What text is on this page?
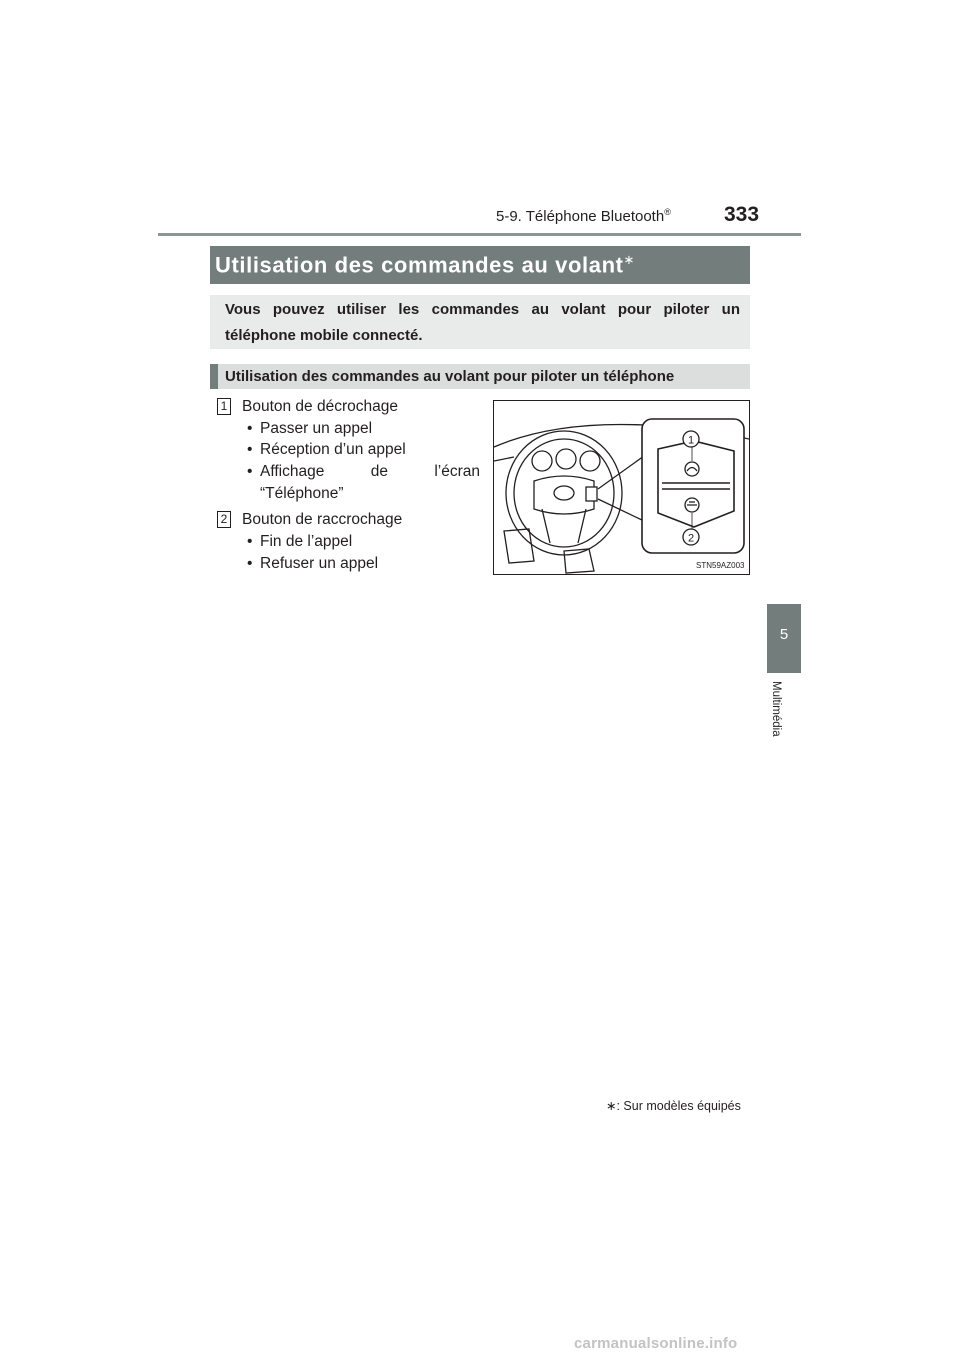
5-9. Téléphone Bluetooth®	333
Utilisation des commandes au volant∗
Vous pouvez utiliser les commandes au volant pour piloter un téléphone mobile connecté.
Utilisation des commandes au volant pour piloter un téléphone
1 Bouton de décrochage
• Passer un appel
• Réception d’un appel
• Affichage de l’écran
“Téléphone”
2 Bouton de raccrochage
• Fin de l’appel
• Refuser un appel
1
2
STN59AZ003
5
Multimédia
∗: Sur modèles équipés
carmanualsonline.info
